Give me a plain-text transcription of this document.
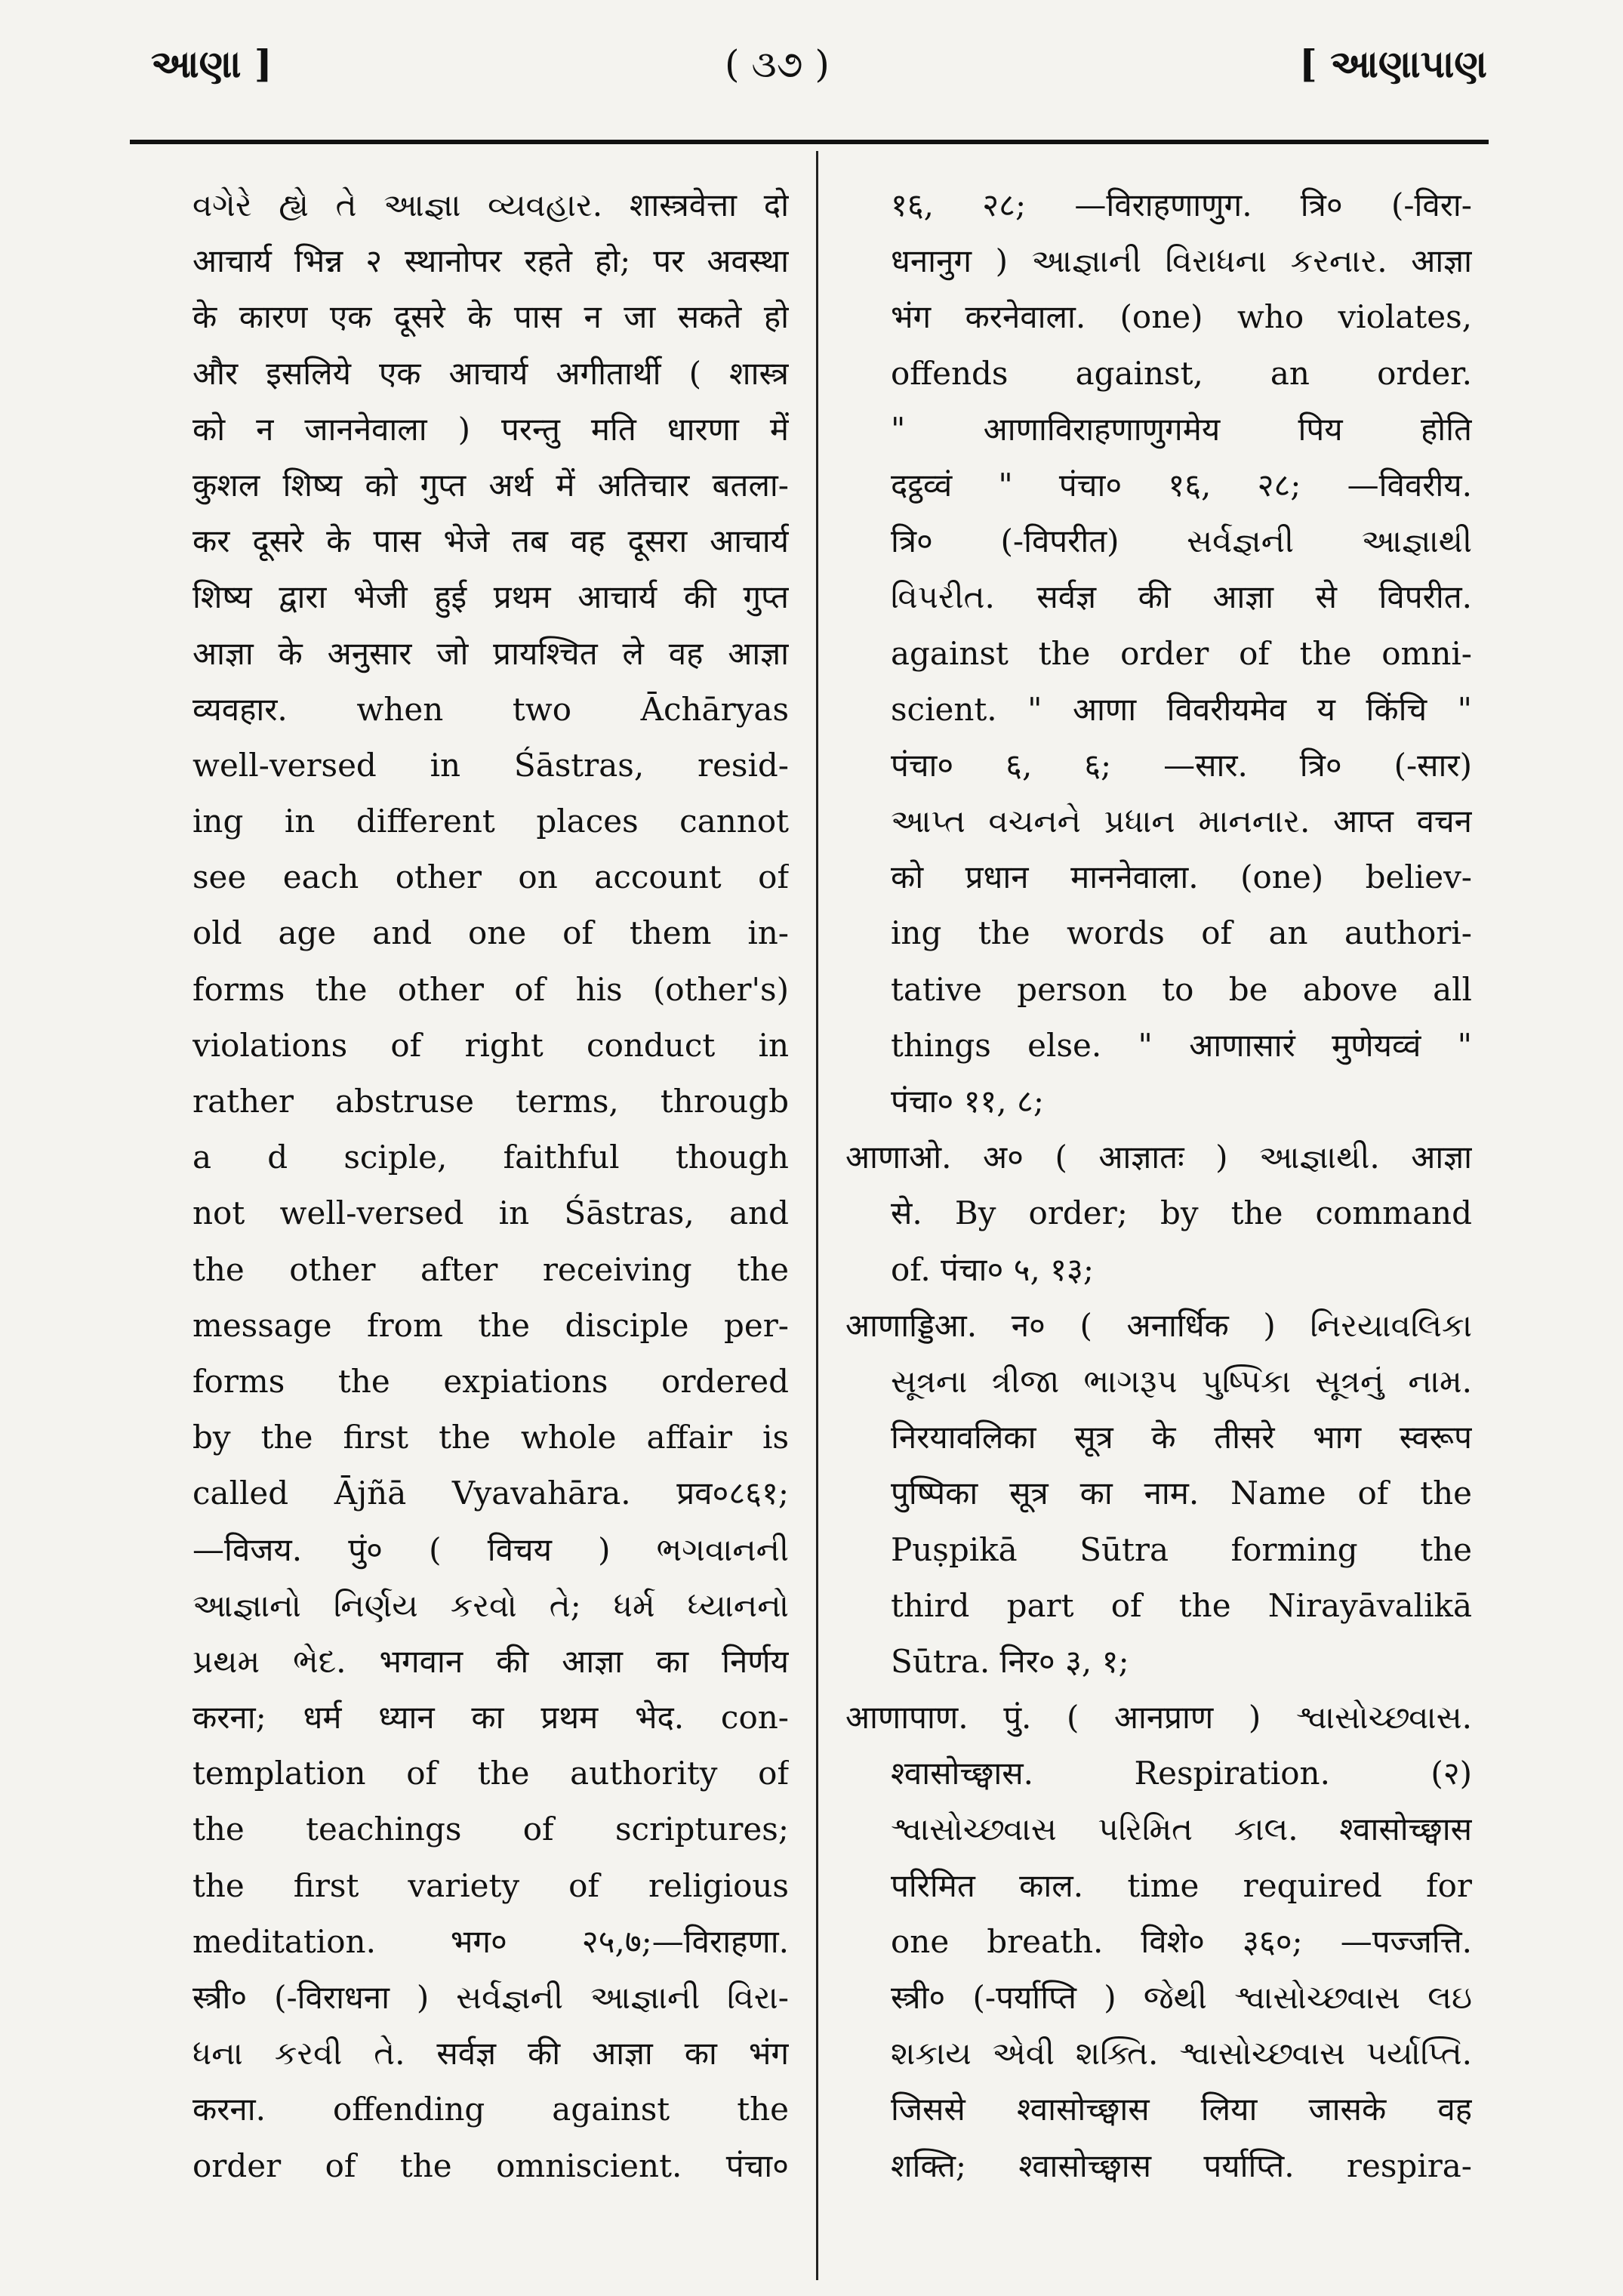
આણા ]	( ૩૭ )	[ આણાપાણ
વગેરે હ્યે તે આજ્ઞા વ્યવહાર. शास्त्रवेत्ता दो
आचार्य भिन्न २ स्थानोपर रहते हो; पर अवस्था
के कारण एक दूसरे के पास न जा सकते हो
और इसलिये एक आचार्य अगीतार्थी ( शास्त्र
को न जाननेवाला ) परन्तु मति धारणा में
कुशल शिष्य को गुप्त अर्थ में अतिचार बतला-
कर दूसरे के पास भेजे तब वह दूसरा आचार्य
शिष्य द्वारा भेजी हुई प्रथम आचार्य की गुप्त
आज्ञा के अनुसार जो प्रायश्चित ले वह आज्ञा
व्यवहार. when two Āchāryas
well-versed in Śāstras, resid-
ing in different places cannot
see each other on account of
old age and one of them in-
forms the other of his (other's)
violations of right conduct in
rather abstruse terms, througb
a d sciple, faithful though
not well-versed in Śāstras, and
the other after receiving the
message from the disciple per-
forms the expiations ordered
by the first the whole affair is
called Ājñā Vyavahāra. प्रव०८६१;
—विजय. पुं० ( विचय ) ભગવાનની
આજ્ઞાનો નિર્ણય કરવો તે; ધર્મ ધ્યાનનો
પ્રથમ ભેદ. भगवान की आज्ञा का निर्णय
करना; धर्म ध्यान का प्रथम भेद. con-
templation of the authority of
the teachings of scriptures;
the first variety of religious
meditation. भग० २५,७;—विराहणा.
स्त्री० (-विराधना ) સર્વજ્ઞની આજ્ઞાની વિરા-
ધના કરવી તે. सर्वज्ञ की आज्ञा का भंग
करना. offending against the
order of the omniscient. पंचा०
१६, २८; —विराहणाणुग. त्रि० (-विरा-
धनानुग ) આજ્ઞાની વિરાધના કરનાર. आज्ञा
भंग करनेवाला. (one) who violates,
offends against, an order.
" आणाविराहणाणुगमेय पिय होति
दट्ठव्वं " पंचा० १६, २८; —विवरीय.
त्रि० (-विपरीत) સર્વજ્ઞની આજ્ઞાથી
વિપરીત. सर्वज्ञ की आज्ञा से विपरीत.
against the order of the omni-
scient. " आणा विवरीयमेव य किंचि "
पंचा० ६, ६; —सार. त्रि० (-सार)
આપ્ત વચનને પ્રધાન માનનાર. आप्त वचन
को प्रधान माननेवाला. (one) believ-
ing the words of an authori-
tative person to be above all
things else. " आणासारं मुणेयव्वं "
पंचा० ११, ८;
आणाओ. अ० ( आज्ञातः ) આજ્ઞાથી. आज्ञा
से. By order; by the command
of. पंचा० ५, १३;
आणाड्डिआ. न० ( अनार्धिक ) નિરયાવલિકા
સૂત્રના ત્રીજા ભાગરૂપ પુષ્પિકા સૂત્રનું નામ.
निरयावलिका सूत्र के तीसरे भाग स्वरूप
पुष्पिका सूत्र का नाम. Name of the
Puṣpikā Sūtra forming the
third part of the Nirayāvalikā
Sūtra. निर० ३, १;
आणापाण. पुं. ( आनप्राण ) શ્વાસોચ્છ્વાસ.
श्वासोच्छ्वास. Respiration. (२)
શ્વાસોચ્છ્વાસ પરિમિત કાલ. श्वासोच्छ्वास
परिमित काल. time required for
one breath. विशे० ३६०; —पज्जत्ति.
स्त्री० (-पर्याप्ति ) જેથી શ્વાસોચ્છ્વાસ લઇ
શકાય એવી શક્તિ. શ્વાસોચ્છ્વાસ પર્યાપ્તિ.
जिससे श्वासोच्छ्वास लिया जासके वह
शक्ति; श्वासोच्छ्वास पर्याप्ति. respira-
